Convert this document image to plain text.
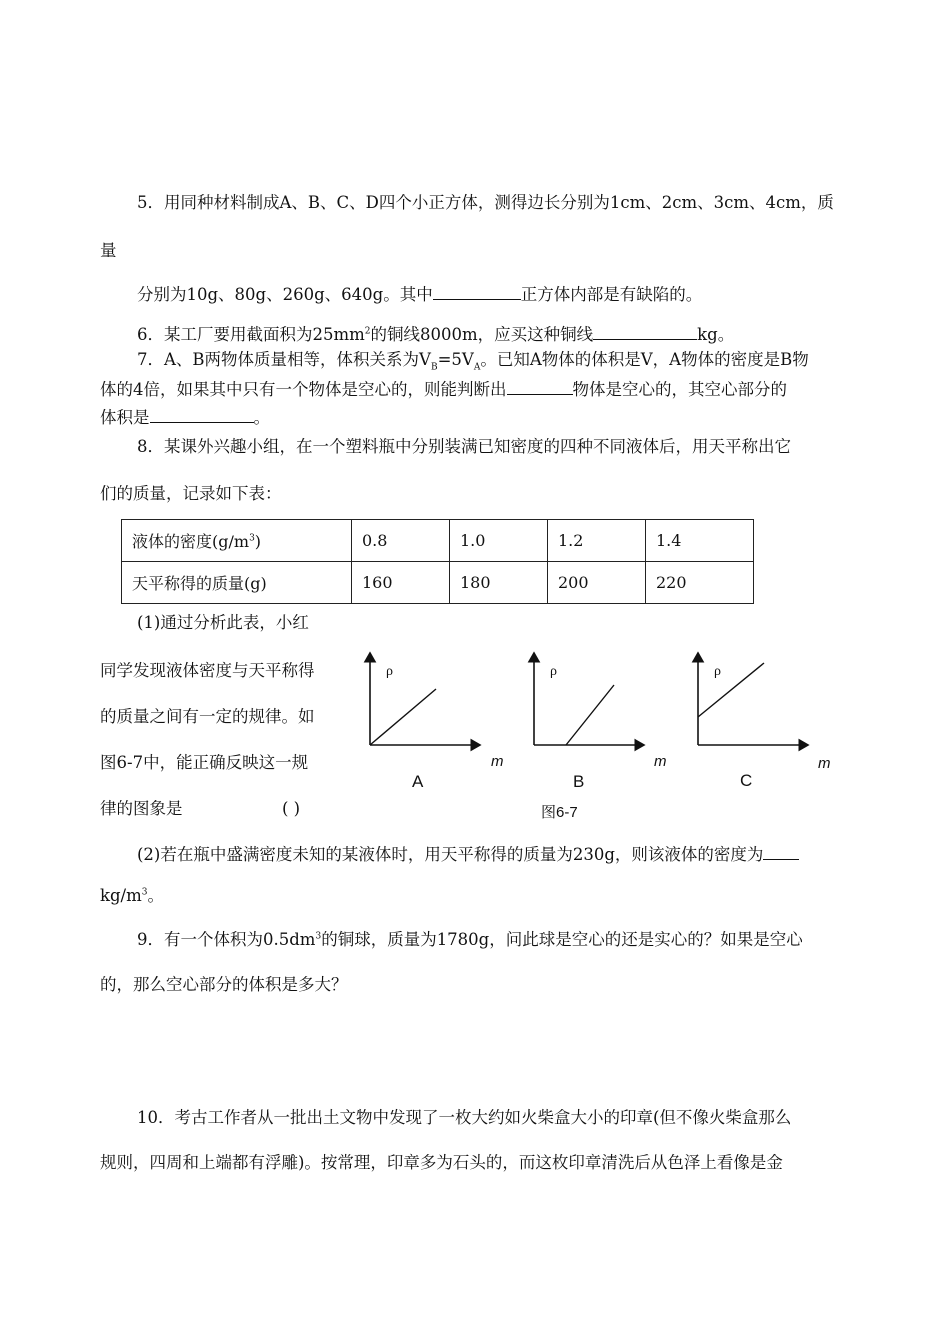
5．用同种材料制成A、B、C、D四个小正方体，测得边长分别为1cm、2cm、3cm、4cm，质
量
分别为10g、80g、260g、640g。其中	正方体内部是有缺陷的。
6．某工厂要用截面积为$25mm^2$的铜线8000m，应买这种铜线	kg。
7．A、B两物体质量相等，体积关系为$V_B=5V_A$。已知A物体的体积是V，A物体的密度是B物
体的4倍，如果其中只有一个物体是空心的，则能判断出	物体是空心的，其空心部分的
体积是	。
8．某课外兴趣小组，在一个塑料瓶中分别装满已知密度的四种不同液体后，用天平称出它
们的质量，记录如下表：
液体的密度$(g/m^3)$	0.8	1.0	1.2	1.4
天平称得的质量(g)	160	180	200	220
(1)通过分析此表，小红
同学发现液体密度与天平称得
的质量之间有一定的规律。如
图6-7中，能正确反映这一规
律的图象是	( )
ρ
m
A
ρ
m
B
ρ
m
C
图6-7
(2)若在瓶中盛满密度未知的某液体时，用天平称得的质量为230g，则该液体的密度为
$kg/m^3$。
9．有一个体积为$0.5dm^3$的铜球，质量为1780g，问此球是空心的还是实心的？如果是空心
的，那么空心部分的体积是多大？
10．考古工作者从一批出土文物中发现了一枚大约如火柴盒大小的印章(但不像火柴盒那么
规则，四周和上端都有浮雕)。按常理，印章多为石头的，而这枚印章清洗后从色泽上看像是金
